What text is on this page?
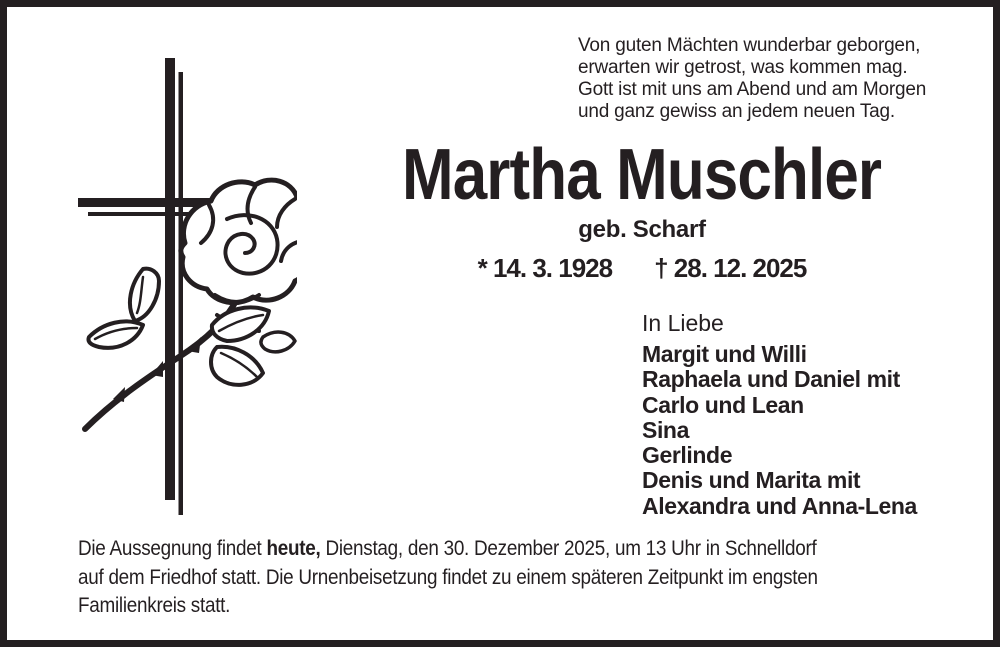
Von guten Mächten wunderbar geborgen,
erwarten wir getrost, was kommen mag.
Gott ist mit uns am Abend und am Morgen
und ganz gewiss an jedem neuen Tag.
Martha Muschler
geb. Scharf
* 14. 3. 1928 † 28. 12. 2025
In Liebe
Margit und Willi
Raphaela und Daniel mit
Carlo und Lean
Sina
Gerlinde
Denis und Marita mit
Alexandra und Anna-Lena
Die Aussegnung findet heute, Dienstag, den 30. Dezember 2025, um 13 Uhr in Schnelldorf
auf dem Friedhof statt. Die Urnenbeisetzung findet zu einem späteren Zeitpunkt im engsten
Familienkreis statt.
